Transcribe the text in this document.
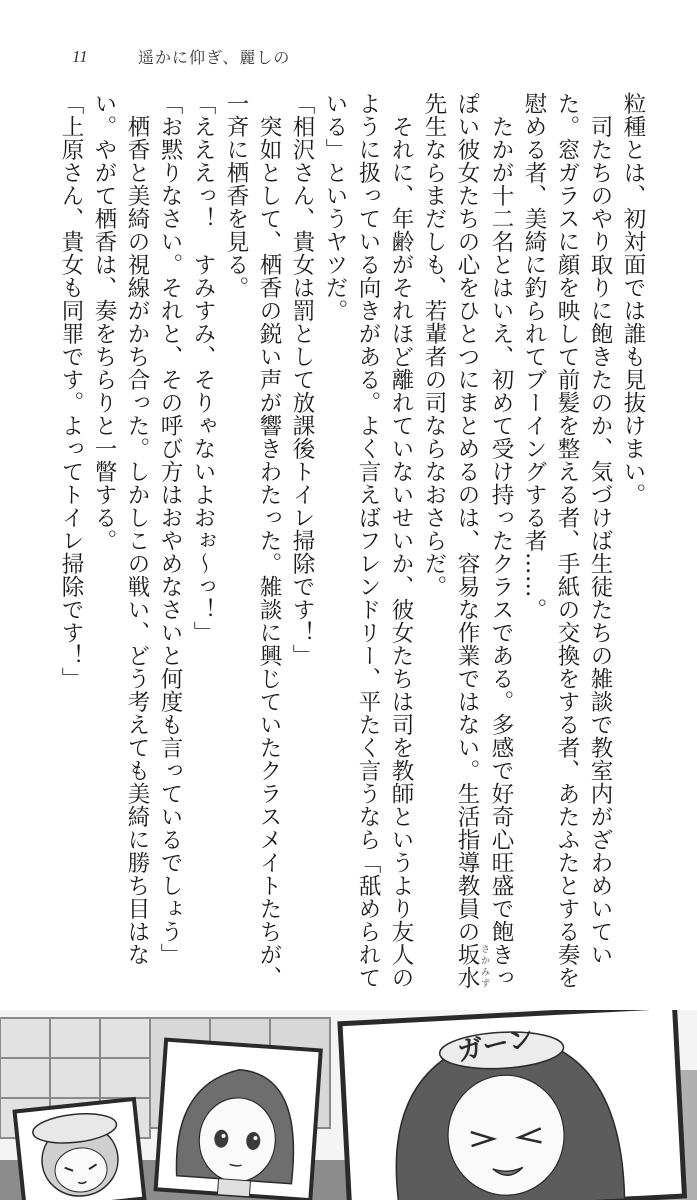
11	遥かに仰ぎ、麗しの

粒種とは、初対面では誰も見抜けまい。

司たちのやり取りに飽きたのか、気づけば生徒たちの雑談で教室内がざわめいていた。窓ガラスに顔を映して前髪を整える者、手紙の交換をする者、あたふたとする奏を慰める者、美綺に釣られてブーイングする者……。

たかが十二名とはいえ、初めて受け持ったクラスである。多感で好奇心旺盛で飽きっぽい彼女たちの心をひとつにまとめるのは、容易な作業ではない。生活指導教員の坂水 さかみず先生ならまだしも、若輩者の司ならなおさらだ。

それに、年齢がそれほど離れていないせいか、彼女たちは司を教師というより友人のように扱っている向きがある。よく言えばフレンドリー、平たく言うなら「舐められている」というヤツだ。

「相沢さん、貴女は罰として放課後トイレ掃除です！」

突如として、栖香の鋭い声が響きわたった。雑談に興じていたクラスメイトたちが、一斉に栖香を見る。

「えええっ！　すみすみ、そりゃないよおぉ～っ！」

「お黙りなさい。それと、その呼び方はおやめなさいと何度も言っているでしょう」

栖香と美綺の視線がかち合った。しかしこの戦い、どう考えても美綺に勝ち目はない。やがて栖香は、奏をちらりと一瞥する。

「上原さん、貴女も同罪です。よってトイレ掃除です！」

ガーン
